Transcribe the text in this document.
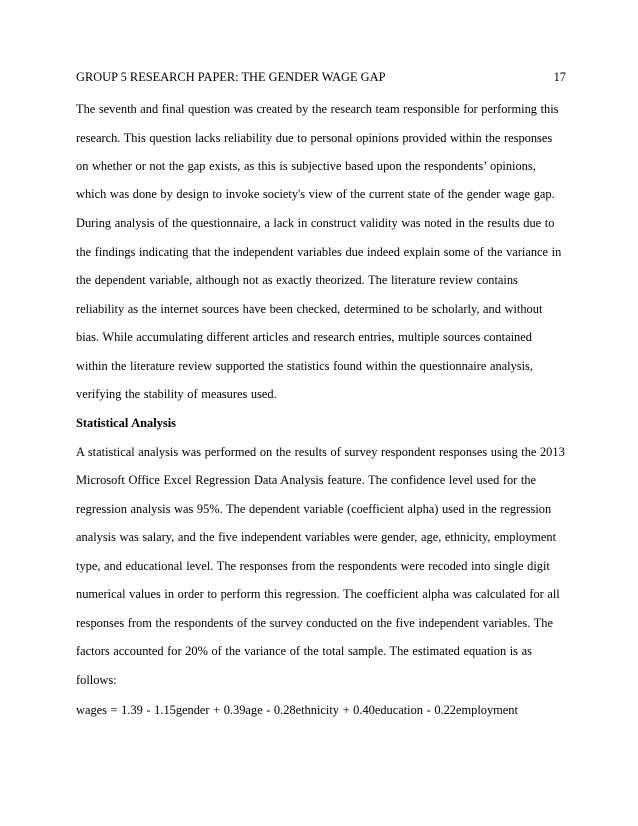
GROUP 5 RESEARCH PAPER: THE GENDER WAGE GAP	17
The seventh and final question was created by the research team responsible for performing this
research. This question lacks reliability due to personal opinions provided within the responses
on whether or not the gap exists, as this is subjective based upon the respondents’ opinions,
which was done by design to invoke society's view of the current state of the gender wage gap.
During analysis of the questionnaire, a lack in construct validity was noted in the results due to
the findings indicating that the independent variables due indeed explain some of the variance in
the dependent variable, although not as exactly theorized. The literature review contains
reliability as the internet sources have been checked, determined to be scholarly, and without
bias. While accumulating different articles and research entries, multiple sources contained
within the literature review supported the statistics found within the questionnaire analysis,
verifying the stability of measures used.
Statistical Analysis
A statistical analysis was performed on the results of survey respondent responses using the 2013
Microsoft Office Excel Regression Data Analysis feature. The confidence level used for the
regression analysis was 95%. The dependent variable (coefficient alpha) used in the regression
analysis was salary, and the five independent variables were gender, age, ethnicity, employment
type, and educational level. The responses from the respondents were recoded into single digit
numerical values in order to perform this regression. The coefficient alpha was calculated for all
responses from the respondents of the survey conducted on the five independent variables. The
factors accounted for 20% of the variance of the total sample. The estimated equation is as
follows:
wages = 1.39 - 1.15gender + 0.39age - 0.28ethnicity + 0.40education - 0.22employment
